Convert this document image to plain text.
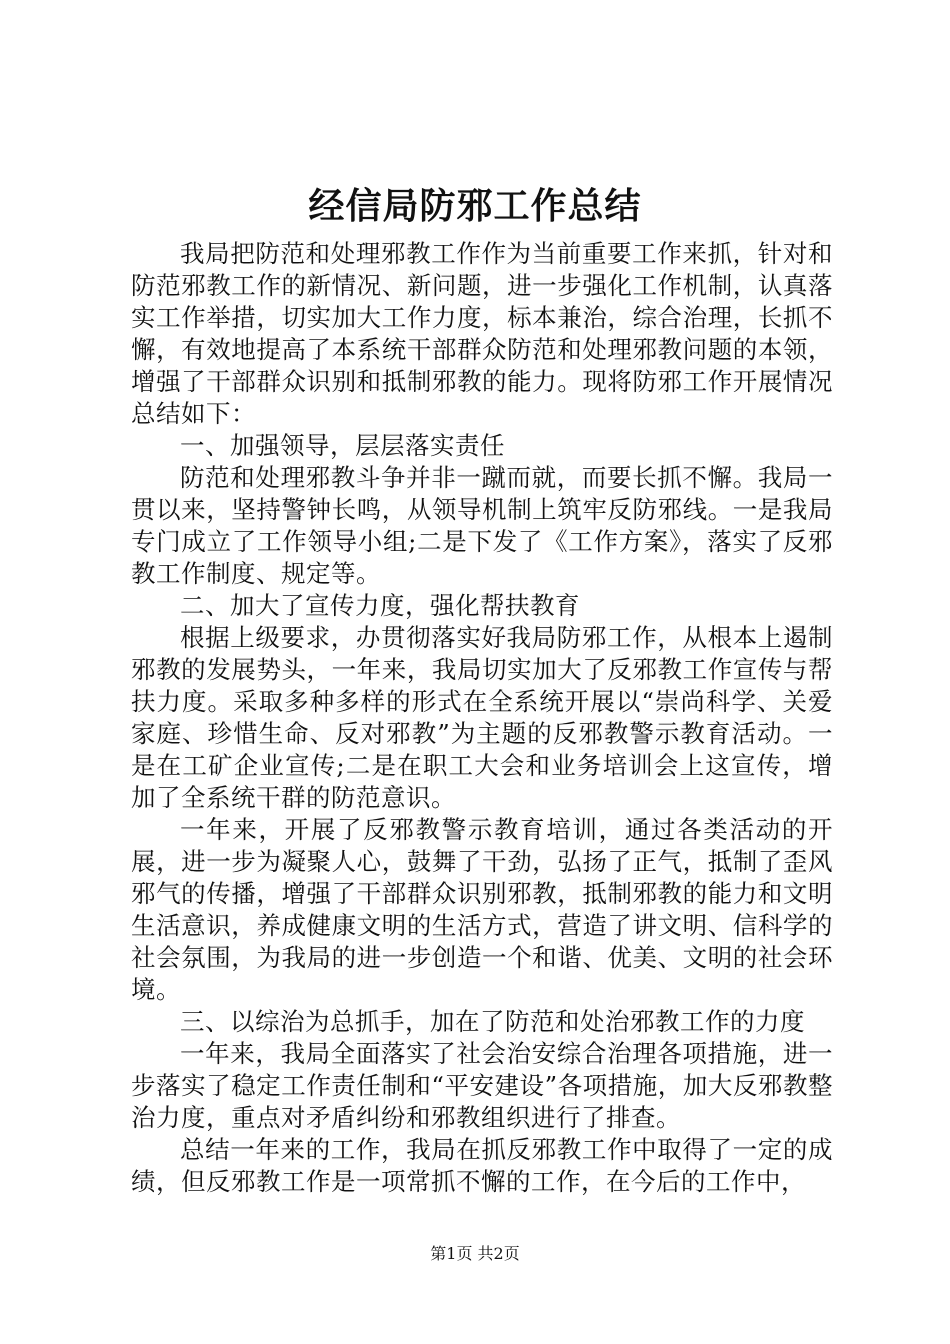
经信局防邪工作总结

我局把防范和处理邪教工作作为当前重要工作来抓，针对和防范邪教工作的新情况、新问题，进一步强化工作机制，认真落实工作举措，切实加大工作力度，标本兼治，综合治理，长抓不懈，有效地提高了本系统干部群众防范和处理邪教问题的本领，增强了干部群众识别和抵制邪教的能力。现将防邪工作开展情况总结如下：

一、加强领导，层层落实责任

防范和处理邪教斗争并非一蹴而就，而要长抓不懈。我局一贯以来，坚持警钟长鸣，从领导机制上筑牢反防邪线。一是我局专门成立了工作领导小组;二是下发了《工作方案》，落实了反邪教工作制度、规定等。

二、加大了宣传力度，强化帮扶教育

根据上级要求，办贯彻落实好我局防邪工作，从根本上遏制邪教的发展势头，一年来，我局切实加大了反邪教工作宣传与帮扶力度。采取多种多样的形式在全系统开展以“崇尚科学、关爱家庭、珍惜生命、反对邪教”为主题的反邪教警示教育活动。一是在工矿企业宣传;二是在职工大会和业务培训会上这宣传，增加了全系统干群的防范意识。

一年来，开展了反邪教警示教育培训，通过各类活动的开展，进一步为凝聚人心，鼓舞了干劲，弘扬了正气，抵制了歪风邪气的传播，增强了干部群众识别邪教，抵制邪教的能力和文明生活意识，养成健康文明的生活方式，营造了讲文明、信科学的社会氛围，为我局的进一步创造一个和谐、优美、文明的社会环境。

三、以综治为总抓手，加在了防范和处治邪教工作的力度

一年来，我局全面落实了社会治安综合治理各项措施，进一步落实了稳定工作责任制和“平安建设”各项措施，加大反邪教整治力度，重点对矛盾纠纷和邪教组织进行了排查。

总结一年来的工作，我局在抓反邪教工作中取得了一定的成绩，但反邪教工作是一项常抓不懈的工作，在今后的工作中，

第1页 共2页
